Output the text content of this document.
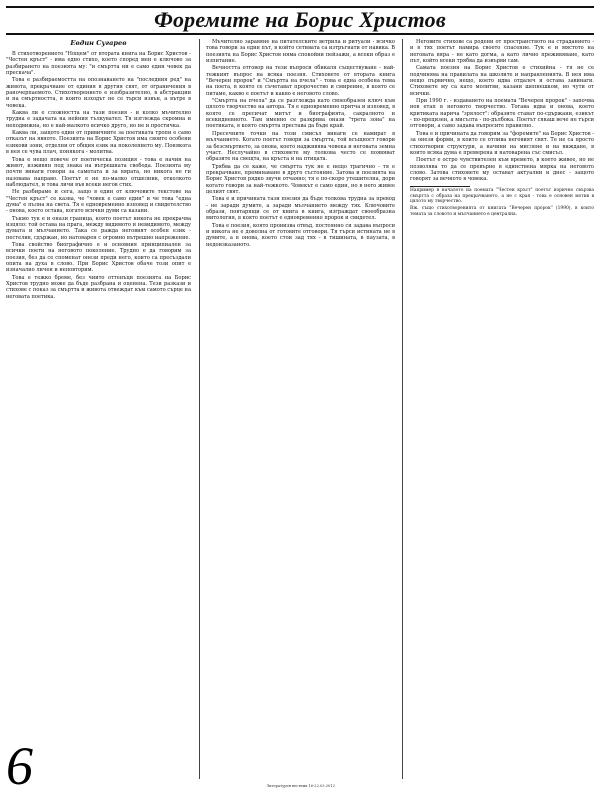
Форемите на Борис Христов
Евдин Сугарев

В стихотворението "Нощем" от втората книга на Борис Христов - "Честен кръст" - има едно стихо, което според мен е ключово за разбирането на поезията му: "и смъртта ни е само един човек да прескача".

Това е разбираемостта на опознаването на "последния ред" на живота, прекрачване от единия в другия свят, от ограничения в раночерпаемото. Стихотворението е изобразително, в абстракции и на смъртността, в които изходът не се търси извън, а вътре в човека.

Каква ли е сложността на тази поезия - и колко мъчително трудна е задачата на нейния тълкувател. Тя изглежда скромна и неподвижна, но е най-малкото всичко друго, но не и простичка.

Каква ли, защото един от привичните за поетиката тропи е само отказът на явното. Поезията на Борис Христов има своите особени езикови зони, отделни от общия език на поколението му. Понякога в нея се чува плач, понякога - молитва.

Това е нещо повече от поетическа позиция - това е начин на живот, изживян под знака на вътрешната свобода. Поезията му почти винаги говори за самотата и за вярата, но никога не ги назовава направо. Поетът е не по-малко отшелник, отколкото наблюдател, и това личи във всеки негов стих.

Не разбираме и сега, защо в един от ключовите текстове на "Честен кръст" се казва, че "човек е само един" и че това "една дума" е пълна на света. Тя е едновременно изповед и свидетелство - онова, което остава, когато всички думи са казани.

Тъкмо тук е и онази граница, която поетът никога не прекрачва изцяло: той остава на прага, между видимото и невидимото, между думата и мълчанието. Така се ражда неговият особен език - пестелив, сдържан, но натоварен с огромно вътрешно напрежение.

Това свойство биографично е и основния принципиален за всички поети на неговото поколение. Трудно е да говорим за поезия, без да се споменат онези преди него, които са пресъздали опита на духа в слово. При Борис Христов обаче този опит е изначално личен и неповторим.

Това е тежко бреме, без чиито оттенъци поезията на Борис Христов трудно може да бъде разбрана и оценена. Тези разкази и стихове с показ за смъртта и живота отвеждат към самото сърце на неговата поетика.

Мъчително заравяне на питателските ветрила и ритуали - всичко това говори за един път, в който сетивата са изтръгнати от навика. В поезията на Борис Христов няма спокойни пейзажи, а всеки образ е изпитание.

Вечността отговор на тези въпроси обикаля съществуване - най-тежкият въпрос на всяка поезия. Стиховете от втората книга "Вечерен пророк" и "Смъртта на пчела" - това е една особена тема на поета, в която се съчетават пророчество и смирение, в която се питаме, какво е поетът и какво е неговото слово.

"Смъртта на пчела" да се разглежда като своеобразен ключ към цялото творчество на автора. Тя е едновременно притча и изповед, в която се пресичат митът и биографията, сакралното и всекидневното. Там именно се разкрива онази "трета зона" на поетиката, в която смъртта престава да бъде край.

Пресечните точки на този смисъл винаги се намират в мълчанието. Когато поетът говори за смъртта, той всъщност говори за безсмъртието, за онова, което надживява човека и неговата земна участ. Неслучайно в стиховете му толкова често се появяват образите на свещта, на кръста и на птицата.

Трябва да се каже, че смъртта тук не е нещо трагично - тя е прекрачване, преминаване в друго състояние. Затова и поезията на Борис Христов рядко звучи отчаяно; тя е по-скоро утешителна, дори когато говори за най-тежкото. Човекът е само един, но в него живее целият свят.

Това е и причината тази поезия да бъде толкова трудна за превод - не заради думите, а заради мълчанието между тях. Ключовите образи, повтарящи се от книга в книга, изграждат своеобразна митология, в която поетът е едновременно пророк и свидетел.

Това е поезия, която пронизва отвъд, постоянно си задава въпроси и никога не е доволна от готовите отговори. Тя търси истината не в думите, а в онова, което стои зад тях - в тишината, в паузата, в недоизказаното.

Неговите стихове са родени от пространството на страданието - и в тях поетът намира своето спасение. Тук е и мястото на неговата вяра - не като догма, а като лично преживяване, като път, който всеки трябва да извърви сам.

Самата поезия на Борис Христов е стихийна - тя не се подчинява на правилата на школите и направленията. В нея има нещо първично, нещо, което идва отдалеч и остава завинаги. Стиховете му са като молитви, казани шепнешком, но чути от всички.

При 1990 г. - издаването на поемата "Вечерен пророк" - започва нов етап в неговото творчество. Тогава идва и онова, което критиката нарича "зрялост": образите стават по-сдържани, езикът - по-прецизен, а мисълта - по-дълбока. Поетът сякаш вече не търси отговори, а само задава въпросите правилно.

Това е и причината да говорим за "форемите" на Борис Христов - за онези форми, в които се отлива неговият свят. Те не са просто стихотворни структури, а начини на мислене и на виждане, в които всяка дума е премерена и натоварена със смисъл.

Поетът е остро чувствителен към времето, в което живее, но не позволява то да се превърне в единствена мярка на неговото слово. Затова стиховете му остават актуални и днес - защото говорят за вечното в човека.

Например в началото на поемата "Честен кръст" поетът изрично свързва смъртта с образа на прекрачването, а не с края - това е основен мотив в цялото му творчество.

Вж. също стихотворенията от книгата "Вечерен пророк" (1990), в които темата за словото и мълчанието е централна.

6	Литературен вестник 16-22.03.2012
